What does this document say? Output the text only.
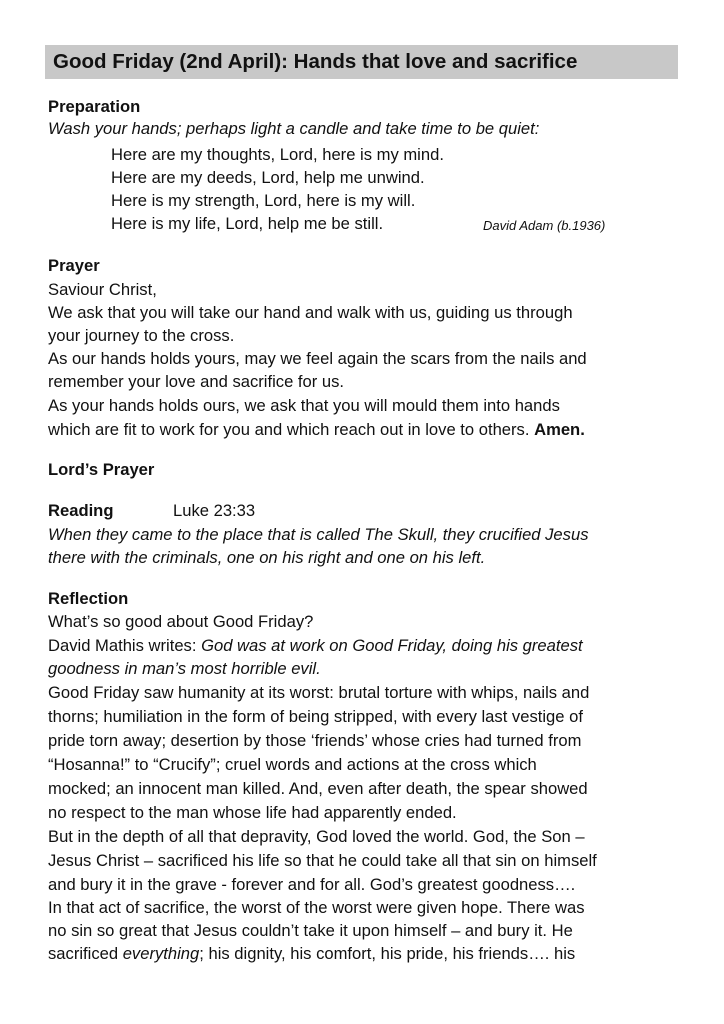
Good Friday (2nd April): Hands that love and sacrifice
Preparation
Wash your hands; perhaps light a candle and take time to be quiet:
Here are my thoughts, Lord, here is my mind.
Here are my deeds, Lord, help me unwind.
Here is my strength, Lord, here is my will.
Here is my life, Lord, help me be still.	David Adam (b.1936)
Prayer
Saviour Christ,
We ask that you will take our hand and walk with us, guiding us through
your journey to the cross.
As our hands holds yours, may we feel again the scars from the nails and
remember your love and sacrifice for us.
As your hands holds ours, we ask that you will mould them into hands
which are fit to work for you and which reach out in love to others. Amen.
Lord’s Prayer
Reading	Luke 23:33
When they came to the place that is called The Skull, they crucified Jesus
there with the criminals, one on his right and one on his left.
Reflection
What’s so good about Good Friday?
David Mathis writes: God was at work on Good Friday, doing his greatest
goodness in man’s most horrible evil.
Good Friday saw humanity at its worst: brutal torture with whips, nails and
thorns; humiliation in the form of being stripped, with every last vestige of
pride torn away; desertion by those ‘friends’ whose cries had turned from
“Hosanna!” to “Crucify”; cruel words and actions at the cross which
mocked; an innocent man killed. And, even after death, the spear showed
no respect to the man whose life had apparently ended.
But in the depth of all that depravity, God loved the world. God, the Son –
Jesus Christ – sacrificed his life so that he could take all that sin on himself
and bury it in the grave - forever and for all. God’s greatest goodness….
In that act of sacrifice, the worst of the worst were given hope. There was
no sin so great that Jesus couldn’t take it upon himself – and bury it. He
sacrificed everything; his dignity, his comfort, his pride, his friends…. his
